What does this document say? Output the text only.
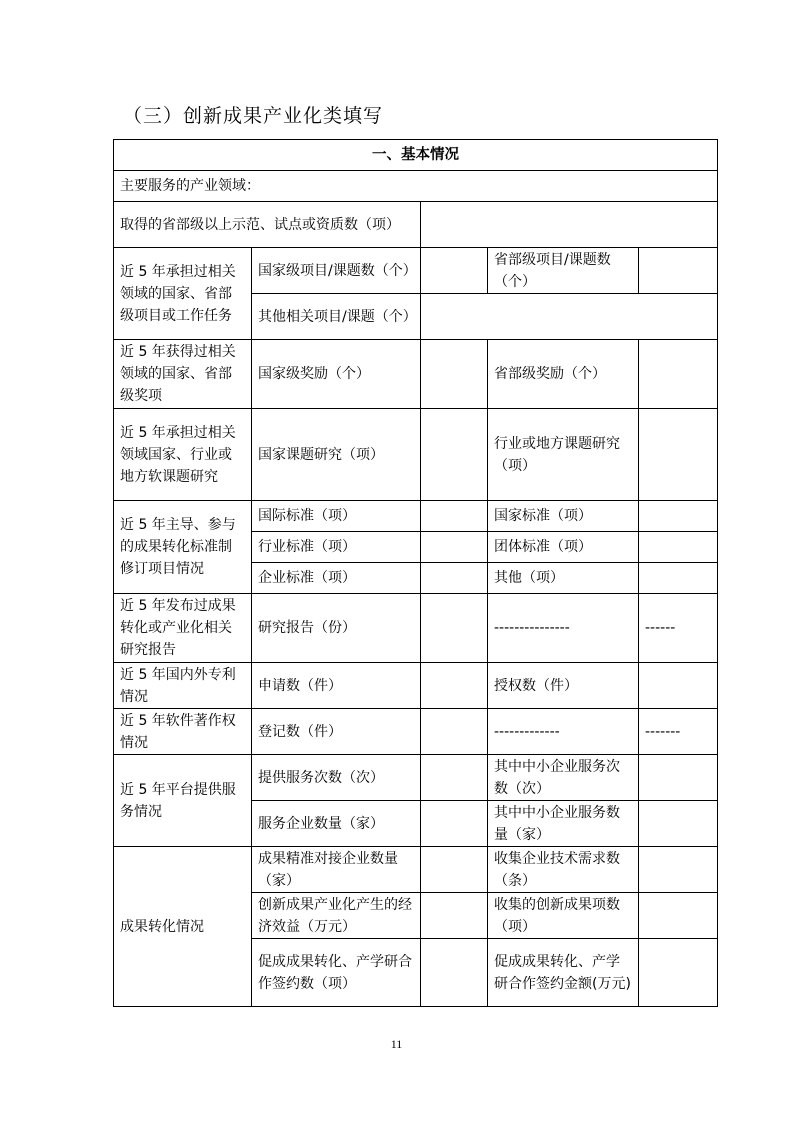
（三）创新成果产业化类填写
一、基本情况				
主要服务的产业领域：				
取得的省部级以上示范、试点或资质数（项）				
近 5 年承担过相关领域的国家、省部级项目或工作任务	国家级项目/课题数（个）		省部级项目/课题数（个）	
	其他相关项目/课题（个）			
近 5 年获得过相关领域的国家、省部级奖项	国家级奖励（个）		省部级奖励（个）	
近 5 年承担过相关领域国家、行业或地方软课题研究	国家课题研究（项）		行业或地方课题研究（项）	
近 5 年主导、参与的成果转化标准制修订项目情况	国际标准（项）		国家标准（项）	
	行业标准（项）		团体标准（项）	
	企业标准（项）		其他（项）	
近 5 年发布过成果转化或产业化相关研究报告	研究报告（份）		---------------	------
近 5 年国内外专利情况	申请数（件）		授权数（件）	
近 5 年软件著作权情况	登记数（件）		-------------	-------
近 5 年平台提供服务情况	提供服务次数（次）		其中中小企业服务次数（次）	
	服务企业数量（家）		其中中小企业服务数量（家）	
成果转化情况	成果精准对接企业数量（家）		收集企业技术需求数（条）	
	创新成果产业化产生的经济效益（万元）		收集的创新成果项数（项）	
	促成成果转化、产学研合作签约数（项）		促成成果转化、产学研合作签约金额(万元)	
11
